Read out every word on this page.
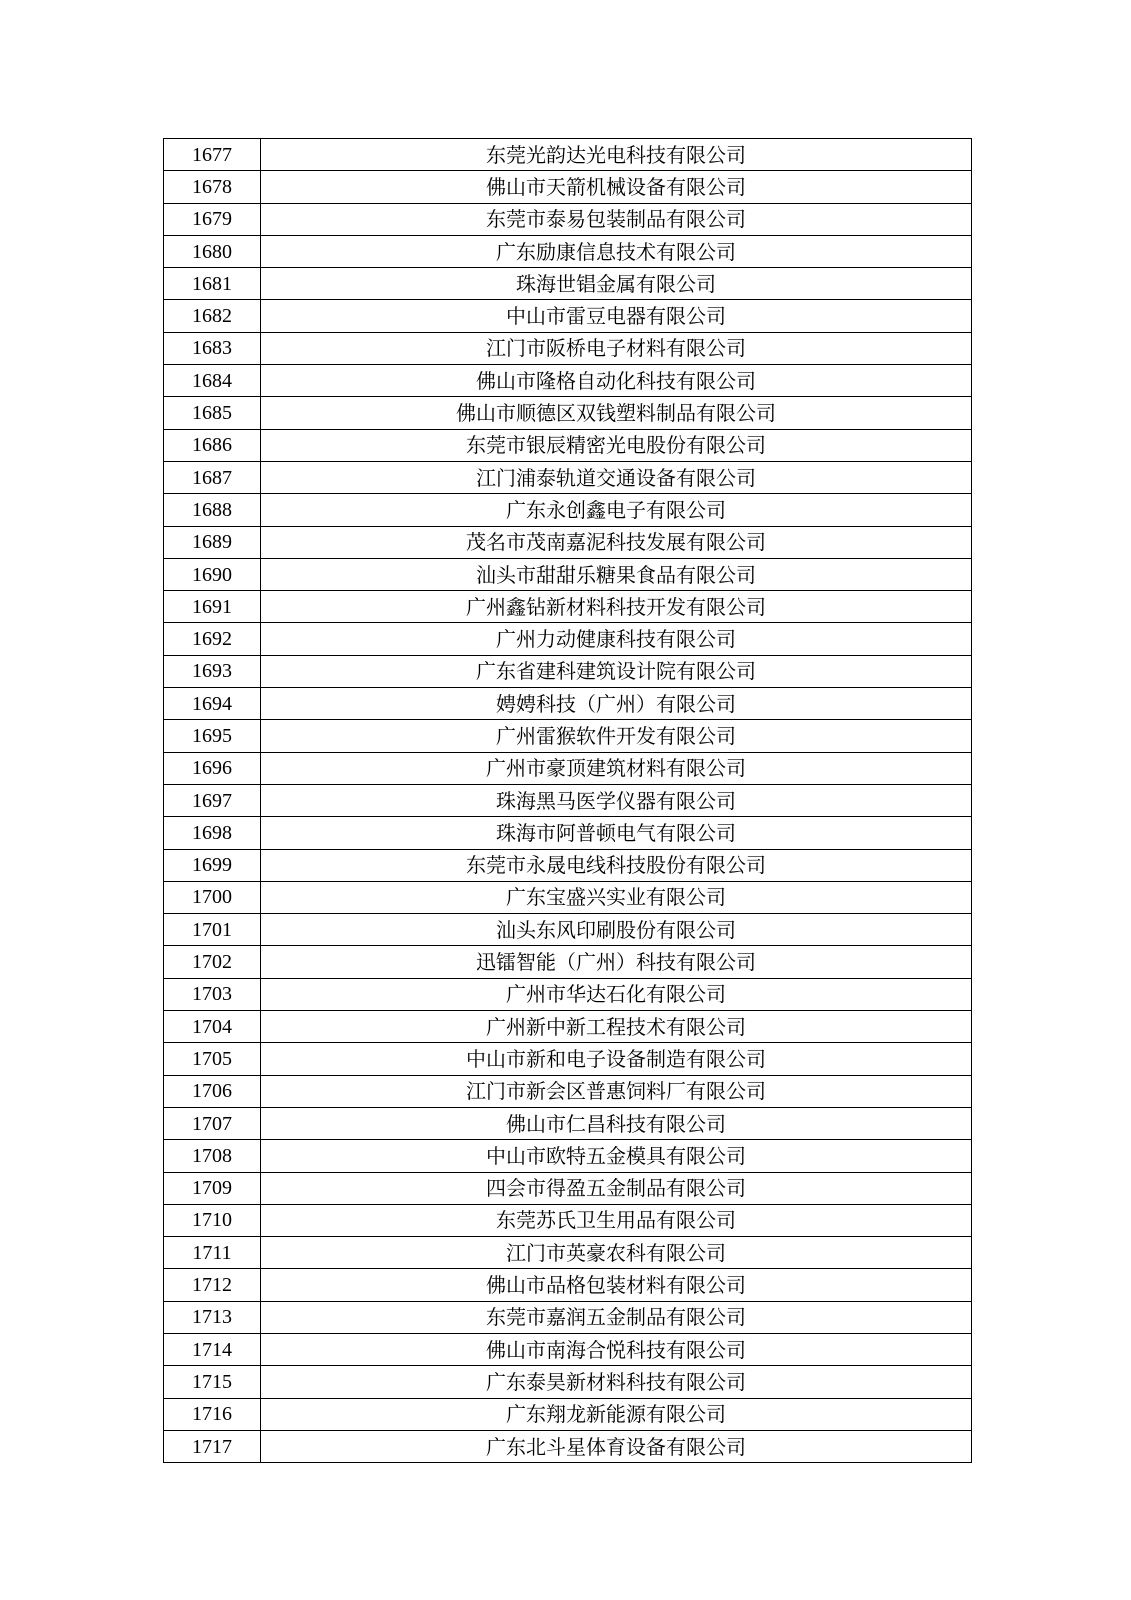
1677	东莞光韵达光电科技有限公司
1678	佛山市天箭机械设备有限公司
1679	东莞市泰易包装制品有限公司
1680	广东励康信息技术有限公司
1681	珠海世锠金属有限公司
1682	中山市雷豆电器有限公司
1683	江门市阪桥电子材料有限公司
1684	佛山市隆格自动化科技有限公司
1685	佛山市顺德区双钱塑料制品有限公司
1686	东莞市银辰精密光电股份有限公司
1687	江门浦泰轨道交通设备有限公司
1688	广东永创鑫电子有限公司
1689	茂名市茂南嘉泥科技发展有限公司
1690	汕头市甜甜乐糖果食品有限公司
1691	广州鑫钻新材料科技开发有限公司
1692	广州力动健康科技有限公司
1693	广东省建科建筑设计院有限公司
1694	娉娉科技（广州）有限公司
1695	广州雷猴软件开发有限公司
1696	广州市豪顶建筑材料有限公司
1697	珠海黑马医学仪器有限公司
1698	珠海市阿普顿电气有限公司
1699	东莞市永晟电线科技股份有限公司
1700	广东宝盛兴实业有限公司
1701	汕头东风印刷股份有限公司
1702	迅镭智能（广州）科技有限公司
1703	广州市华达石化有限公司
1704	广州新中新工程技术有限公司
1705	中山市新和电子设备制造有限公司
1706	江门市新会区普惠饲料厂有限公司
1707	佛山市仁昌科技有限公司
1708	中山市欧特五金模具有限公司
1709	四会市得盈五金制品有限公司
1710	东莞苏氏卫生用品有限公司
1711	江门市英豪农科有限公司
1712	佛山市品格包装材料有限公司
1713	东莞市嘉润五金制品有限公司
1714	佛山市南海合悦科技有限公司
1715	广东泰昊新材料科技有限公司
1716	广东翔龙新能源有限公司
1717	广东北斗星体育设备有限公司
